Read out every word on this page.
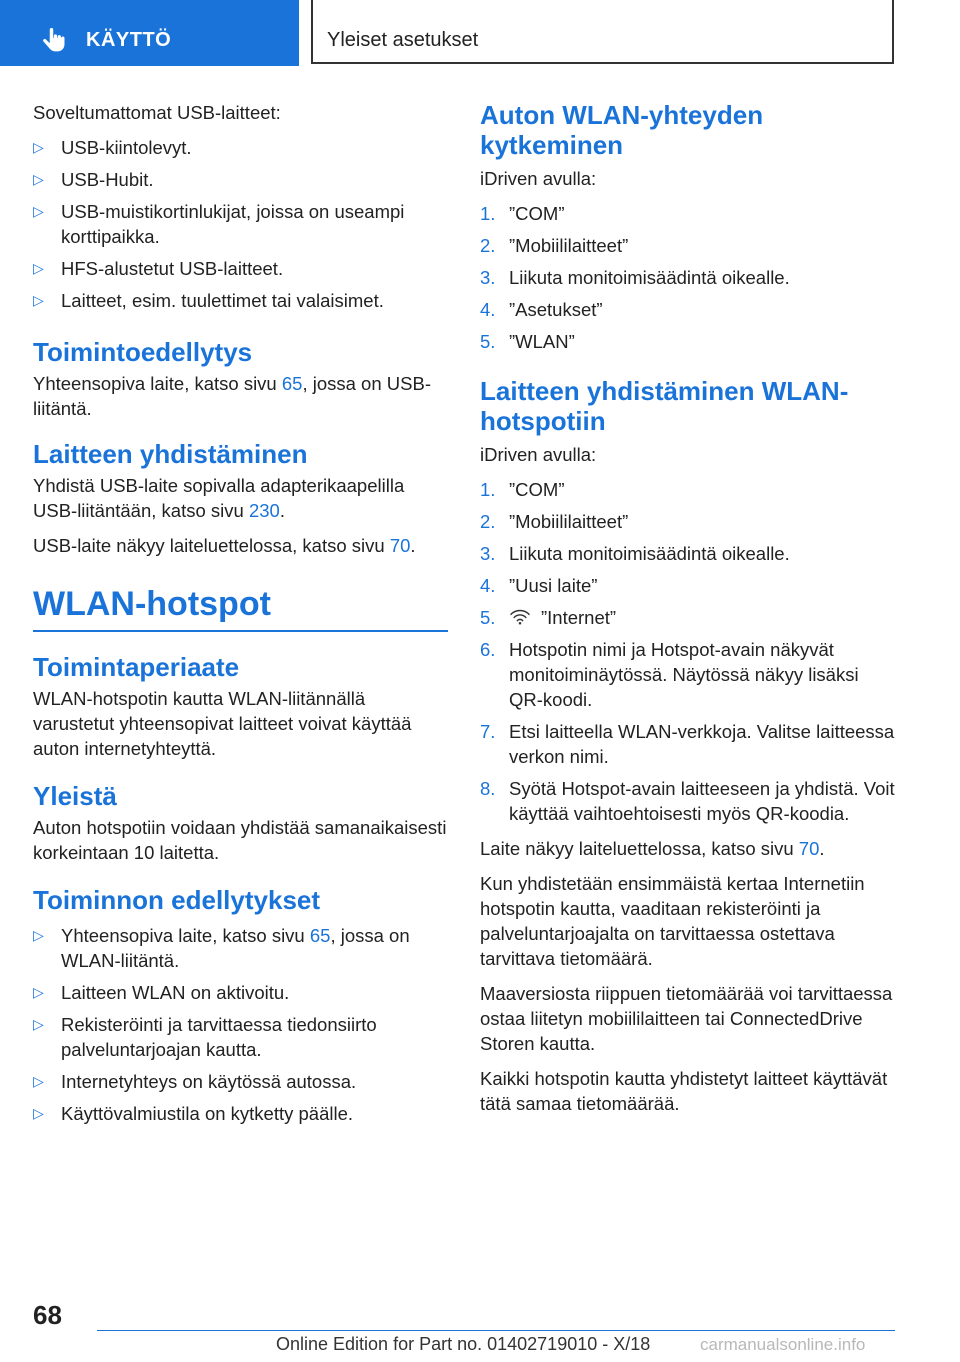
KÄYTTÖ	Yleiset asetukset

Soveltumattomat USB-laitteet:

▷ USB-kiintolevyt.
▷ USB-Hubit.
▷ USB-muistikortinlukijat, joissa on useampi korttipaikka.
▷ HFS-alustetut USB-laitteet.
▷ Laitteet, esim. tuulettimet tai valaisimet.
Toimintoedellytys

Yhteensopiva laite, katso sivu 65, jossa on USB-liitäntä.

Laitteen yhdistäminen

Yhdistä USB-laite sopivalla adapterikaapelilla USB-liitäntään, katso sivu 230.

USB-laite näkyy laiteluettelossa, katso sivu 70.

WLAN-hotspot
Toimintaperiaate

WLAN-hotspotin kautta WLAN-liitännällä varustetut yhteensopivat laitteet voivat käyttää auton internetyhteyttä.

Yleistä

Auton hotspotiin voidaan yhdistää samanaikaisesti korkeintaan 10 laitetta.

Toiminnon edellytykset
▷ Yhteensopiva laite, katso sivu 65, jossa on WLAN-liitäntä.
▷ Laitteen WLAN on aktivoitu.
▷ Rekisteröinti ja tarvittaessa tiedonsiirto palveluntarjoajan kautta.
▷ Internetyhteys on käytössä autossa.
▷ Käyttövalmiustila on kytketty päälle.
Auton WLAN-yhteyden kytkeminen

iDriven avulla:

1. ”COM”
2. ”Mobiililaitteet”
3. Liikuta monitoimisäädintä oikealle.
4. ”Asetukset”
5. ”WLAN”
Laitteen yhdistäminen WLAN-hotspotiin

iDriven avulla:

1. ”COM”
2. ”Mobiililaitteet”
3. Liikuta monitoimisäädintä oikealle.
4. ”Uusi laite”
5. ”Internet”
6. Hotspotin nimi ja Hotspot-avain näkyvät monitoiminäytössä. Näytössä näkyy lisäksi QR-koodi.
7. Etsi laitteella WLAN-verkkoja. Valitse laitteessa verkon nimi.
8. Syötä Hotspot-avain laitteeseen ja yhdistä. Voit käyttää vaihtoehtoisesti myös QR-koodia.

Laite näkyy laiteluettelossa, katso sivu 70.

Kun yhdistetään ensimmäistä kertaa Internetiin hotspotin kautta, vaaditaan rekisteröinti ja palveluntarjoajalta on tarvittaessa ostettava tarvittava tietomäärä.

Maaversiosta riippuen tietomäärää voi tarvittaessa ostaa liitetyn mobiililaitteen tai ConnectedDrive Storen kautta.

Kaikki hotspotin kautta yhdistetyt laitteet käyttävät tätä samaa tietomäärää.

68
Online Edition for Part no. 01402719010 - X/18	carmanualsonline.info
